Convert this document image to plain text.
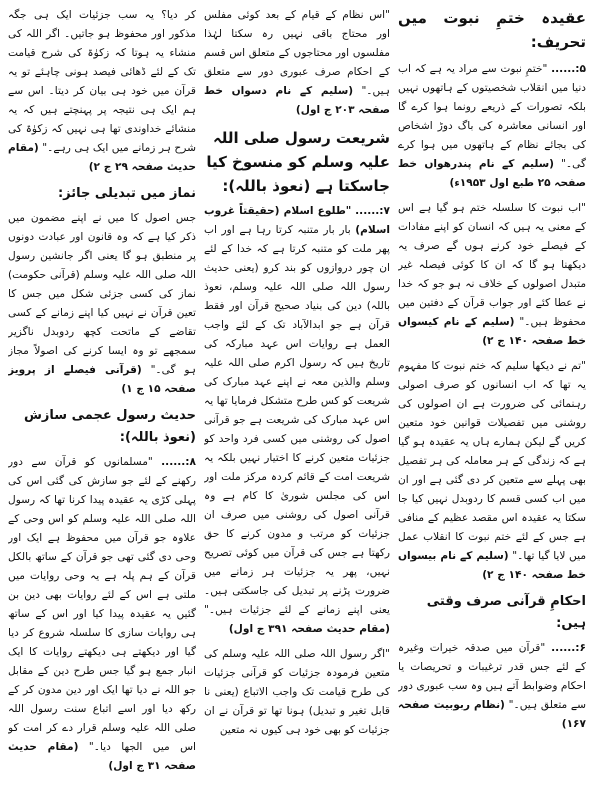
عقیدہ ختمِ نبوت میں تحریف:

۵:...... "ختمِ نبوت سے مراد یہ ہے کہ اب دنیا میں انقلاب شخصیتوں کے ہاتھوں نہیں بلکہ تصورات کے ذریعے رونما ہوا کرے گا اور انسانی معاشرہ کی باگ دوڑ اشخاص کی بجائے نظام کے ہاتھوں میں ہوا کرے گی۔" (سلیم کے نام پندرھواں خط صفحہ ۲۵ طبع اول ۱۹۵۳ء)

"اب نبوت کا سلسلہ ختم ہو گیا ہے اس کے معنی یہ ہیں کہ انسان کو اپنے مفادات کے فیصلے خود کرنے ہوں گے صرف یہ دیکھنا ہو گا کہ ان کا کوئی فیصلہ غیر متبدل اصولوں کے خلاف نہ ہو جو کہ خدا نے عطا کئے اور جواب قرآن کے دفتین میں محفوظ ہیں۔" (سلیم کے نام کیسواں خط صفحہ ۱۴۰ ج ۲)

"تم نے دیکھا سلیم کہ ختم نبوت کا مفہوم یہ تھا کہ اب انسانوں کو صرف اصولی رہنمائی کی ضرورت ہے ان اصولوں کی روشنی میں تفصیلات قوانین خود متعین کریں گے لیکن ہمارے ہاں یہ عقیدہ ہو گیا ہے کہ زندگی کے ہر معاملہ کی ہر تفصیل بھی پہلے سے متعین کر دی گئی ہے اور ان میں اب کسی قسم کا ردوبدل نہیں کیا جا سکتا یہ عقیدہ اس مقصد عظیم کے منافی ہے جس کے لئے ختم نبوت کا انقلاب عمل میں لایا گیا تھا۔" (سلیم کے نام بیسواں خط صفحہ ۱۴۰ ج ۲)

احکامِ قرآنی صرف وقتی ہیں:

۶:...... "قرآن میں صدقہ خیرات وغیرہ کے لئے جس قدر ترغیبات و تحریصات یا احکام وضوابط آتے ہیں وہ سب عبوری دور سے متعلق ہیں۔" (نظام ربوبیت صفحہ ۱۶۷)

"اس نظام کے قیام کے بعد کوئی مفلس اور محتاج باقی نہیں رہ سکتا لہٰذا مفلسوں اور محتاجوں کے متعلق اس قسم کے احکام صرف عبوری دور سے متعلق ہیں۔" (سلیم کے نام دسواں خط صفحہ ۲۰۳ ج اول)

شریعت رسول صلی اللہ علیہ وسلم کو منسوخ کیا جاسکتا ہے (نعوذ باللہ):

۷:...... "طلوع اسلام (حقیقتاً غروب اسلام) بار بار متنبہ کرتا رہا ہے اور اب پھر ملت کو متنبہ کرتا ہے کہ خدا کے لئے ان چور دروازوں کو بند کرو (یعنی حدیث رسول اللہ صلی اللہ علیہ وسلم، نعوذ باللہ) دین کی بنیاد صحیح قرآن اور فقط قرآن ہے جو ابدالآباد تک کے لئے واجب العمل ہے روایات اس عہد مبارکہ کی تاریخ ہیں کہ رسول اکرم صلی اللہ علیہ وسلم والذین معہ نے اپنے عہد مبارک کی شریعت کو کس طرح متشکل فرمایا تھا یہ اس عہد مبارک کی شریعت ہے جو قرآنی اصول کی روشنی میں کسی فرد واحد کو جزئیات متعین کرنے کا اختیار نہیں بلکہ یہ شریعت امت کے قائم کردہ مرکز ملت اور اس کی مجلس شوریٰ کا کام ہے وہ قرآنی اصول کی روشنی میں صرف ان جزئیات کو مرتب و مدون کرنے کا حق رکھتا ہے جس کی قرآن میں کوئی تصریح نہیں، پھر یہ جزئیات ہر زمانے میں ضرورت پڑنے پر تبدیل کی جاسکتی ہیں۔ یعنی اپنے زمانے کے لئے جزئیات ہیں۔" (مقام حدیث صفحہ ۳۹۱ ج اول)

"اگر رسول اللہ صلی اللہ علیہ وسلم کی متعین فرمودہ جزئیات کو قرآنی جزئیات کی طرح قیامت تک واجب الاتباع (یعنی نا قابل تغیر و تبدیل) ہونا تھا تو قرآن نے ان جزئیات کو بھی خود ہی کیوں نہ متعین

کر دیا؟ یہ سب جزئیات ایک ہی جگہ مذکور اور محفوظ ہو جاتیں۔ اگر اللہ کی منشاء یہ ہوتا کہ زکوٰۃ کی شرح قیامت تک کے لئے ڈھائی فیصد ہونی چاہئے تو یہ قرآن میں خود ہی بیان کر دیتا۔ اس سے ہم ایک ہی نتیجہ پر پہنچتے ہیں کہ یہ منشائے خداوندی تھا ہی نہیں کہ زکوٰۃ کی شرح ہر زمانے میں ایک ہی رہے۔" (مقام حدیث صفحہ ۲۹ ج ۲)

نماز میں تبدیلی جائز:

جس اصول کا میں نے اپنے مضمون میں ذکر کیا ہے کہ وہ قانون اور عبادت دونوں پر منطبق ہو گا یعنی اگر جانشین رسول اللہ صلی اللہ علیہ وسلم (قرآنی حکومت) نماز کی کسی جزئی شکل میں جس کا تعین قرآن نے نہیں کیا اپنے زمانے کے کسی تقاضے کے ماتحت کچھ ردوبدل ناگزیر سمجھے تو وہ ایسا کرنے کی اصولاً مجاز ہو گی۔" (قرآنی فیصلے از پرویز صفحہ ۱۵ ج ۱)

حدیث رسول عجمی سازش (نعوذ باللہ):

۸:...... "مسلمانوں کو قرآن سے دور رکھنے کے لئے جو سازش کی گئی اس کی پہلی کڑی یہ عقیدہ پیدا کرنا تھا کہ رسول اللہ صلی اللہ علیہ وسلم کو اس وحی کے علاوہ جو قرآن میں محفوظ ہے ایک اور وحی دی گئی تھی جو قرآن کے ساتھ بالکل قرآن کے ہم پلہ ہے یہ وحی روایات میں ملتی ہے اس کے لئے روایات بھی دین بن گئیں یہ عقیدہ پیدا کیا اور اس کے ساتھ ہی روایات سازی کا سلسلہ شروع کر دیا گیا اور دیکھتے ہی دیکھتے روایات کا ایک انبار جمع ہو گیا جس طرح دین کے مقابل جو اللہ نے دیا تھا ایک اور دین مدون کر کے رکھ دیا اور اسے اتباع سنت رسول اللہ صلی اللہ علیہ وسلم قرار دے کر امت کو اس میں الجھا دیا۔" (مقام حدیث صفحہ ۳۱ ج اول)
